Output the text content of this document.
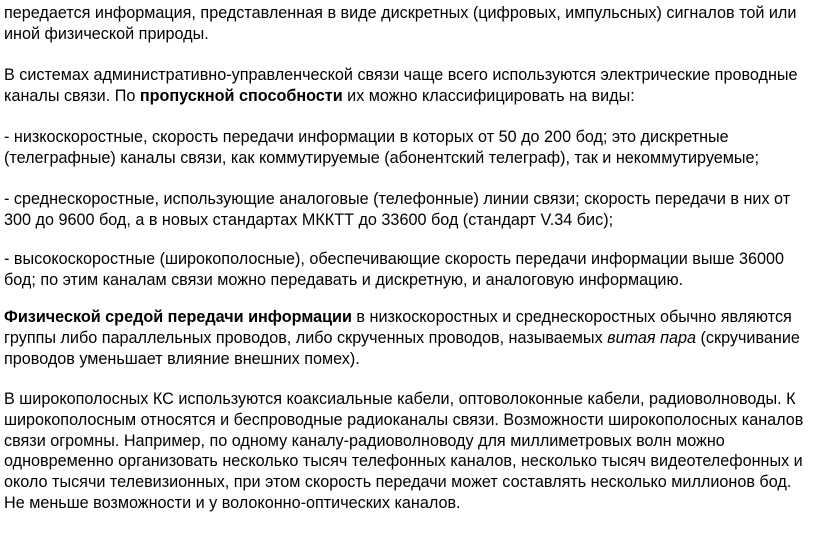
передается информация, представленная в виде дискретных (цифровых, импульсных) сигналов той или иной физической природы.

В системах административно-управленческой связи чаще всего используются электрические проводные каналы связи. По пропускной способности их можно классифицировать на виды:

- низкоскоростные, скорость передачи информации в которых от 50 до 200 бод; это дискретные (телеграфные) каналы связи, как коммутируемые (абонентский телеграф), так и некоммутируемые;

- среднескоростные, использующие аналоговые (телефонные) линии связи; скорость передачи в них от 300 до 9600 бод, а в новых стандартах МККТТ до 33600 бод (стандарт V.34 бис);

- высокоскоростные (широкополосные), обеспечивающие скорость передачи информации выше 36000 бод; по этим каналам связи можно передавать и дискретную, и аналоговую информацию.

Физической средой передачи информации в низкоскоростных и среднескоростных обычно являются группы либо параллельных проводов, либо скрученных проводов, называемых витая пара (скручивание проводов уменьшает влияние внешних помех).

В широкополосных КС используются коаксиальные кабели, оптоволоконные кабели, радиоволноводы. К широкополосным относятся и беспроводные радиоканалы связи. Возможности широкополосных каналов связи огромны. Например, по одному каналу-радиоволноводу для миллиметровых волн можно одновременно организовать несколько тысяч телефонных каналов, несколько тысяч видеотелефонных и около тысячи телевизионных, при этом скорость передачи может составлять несколько миллионов бод. Не меньше возможности и у волоконно-оптических каналов.
